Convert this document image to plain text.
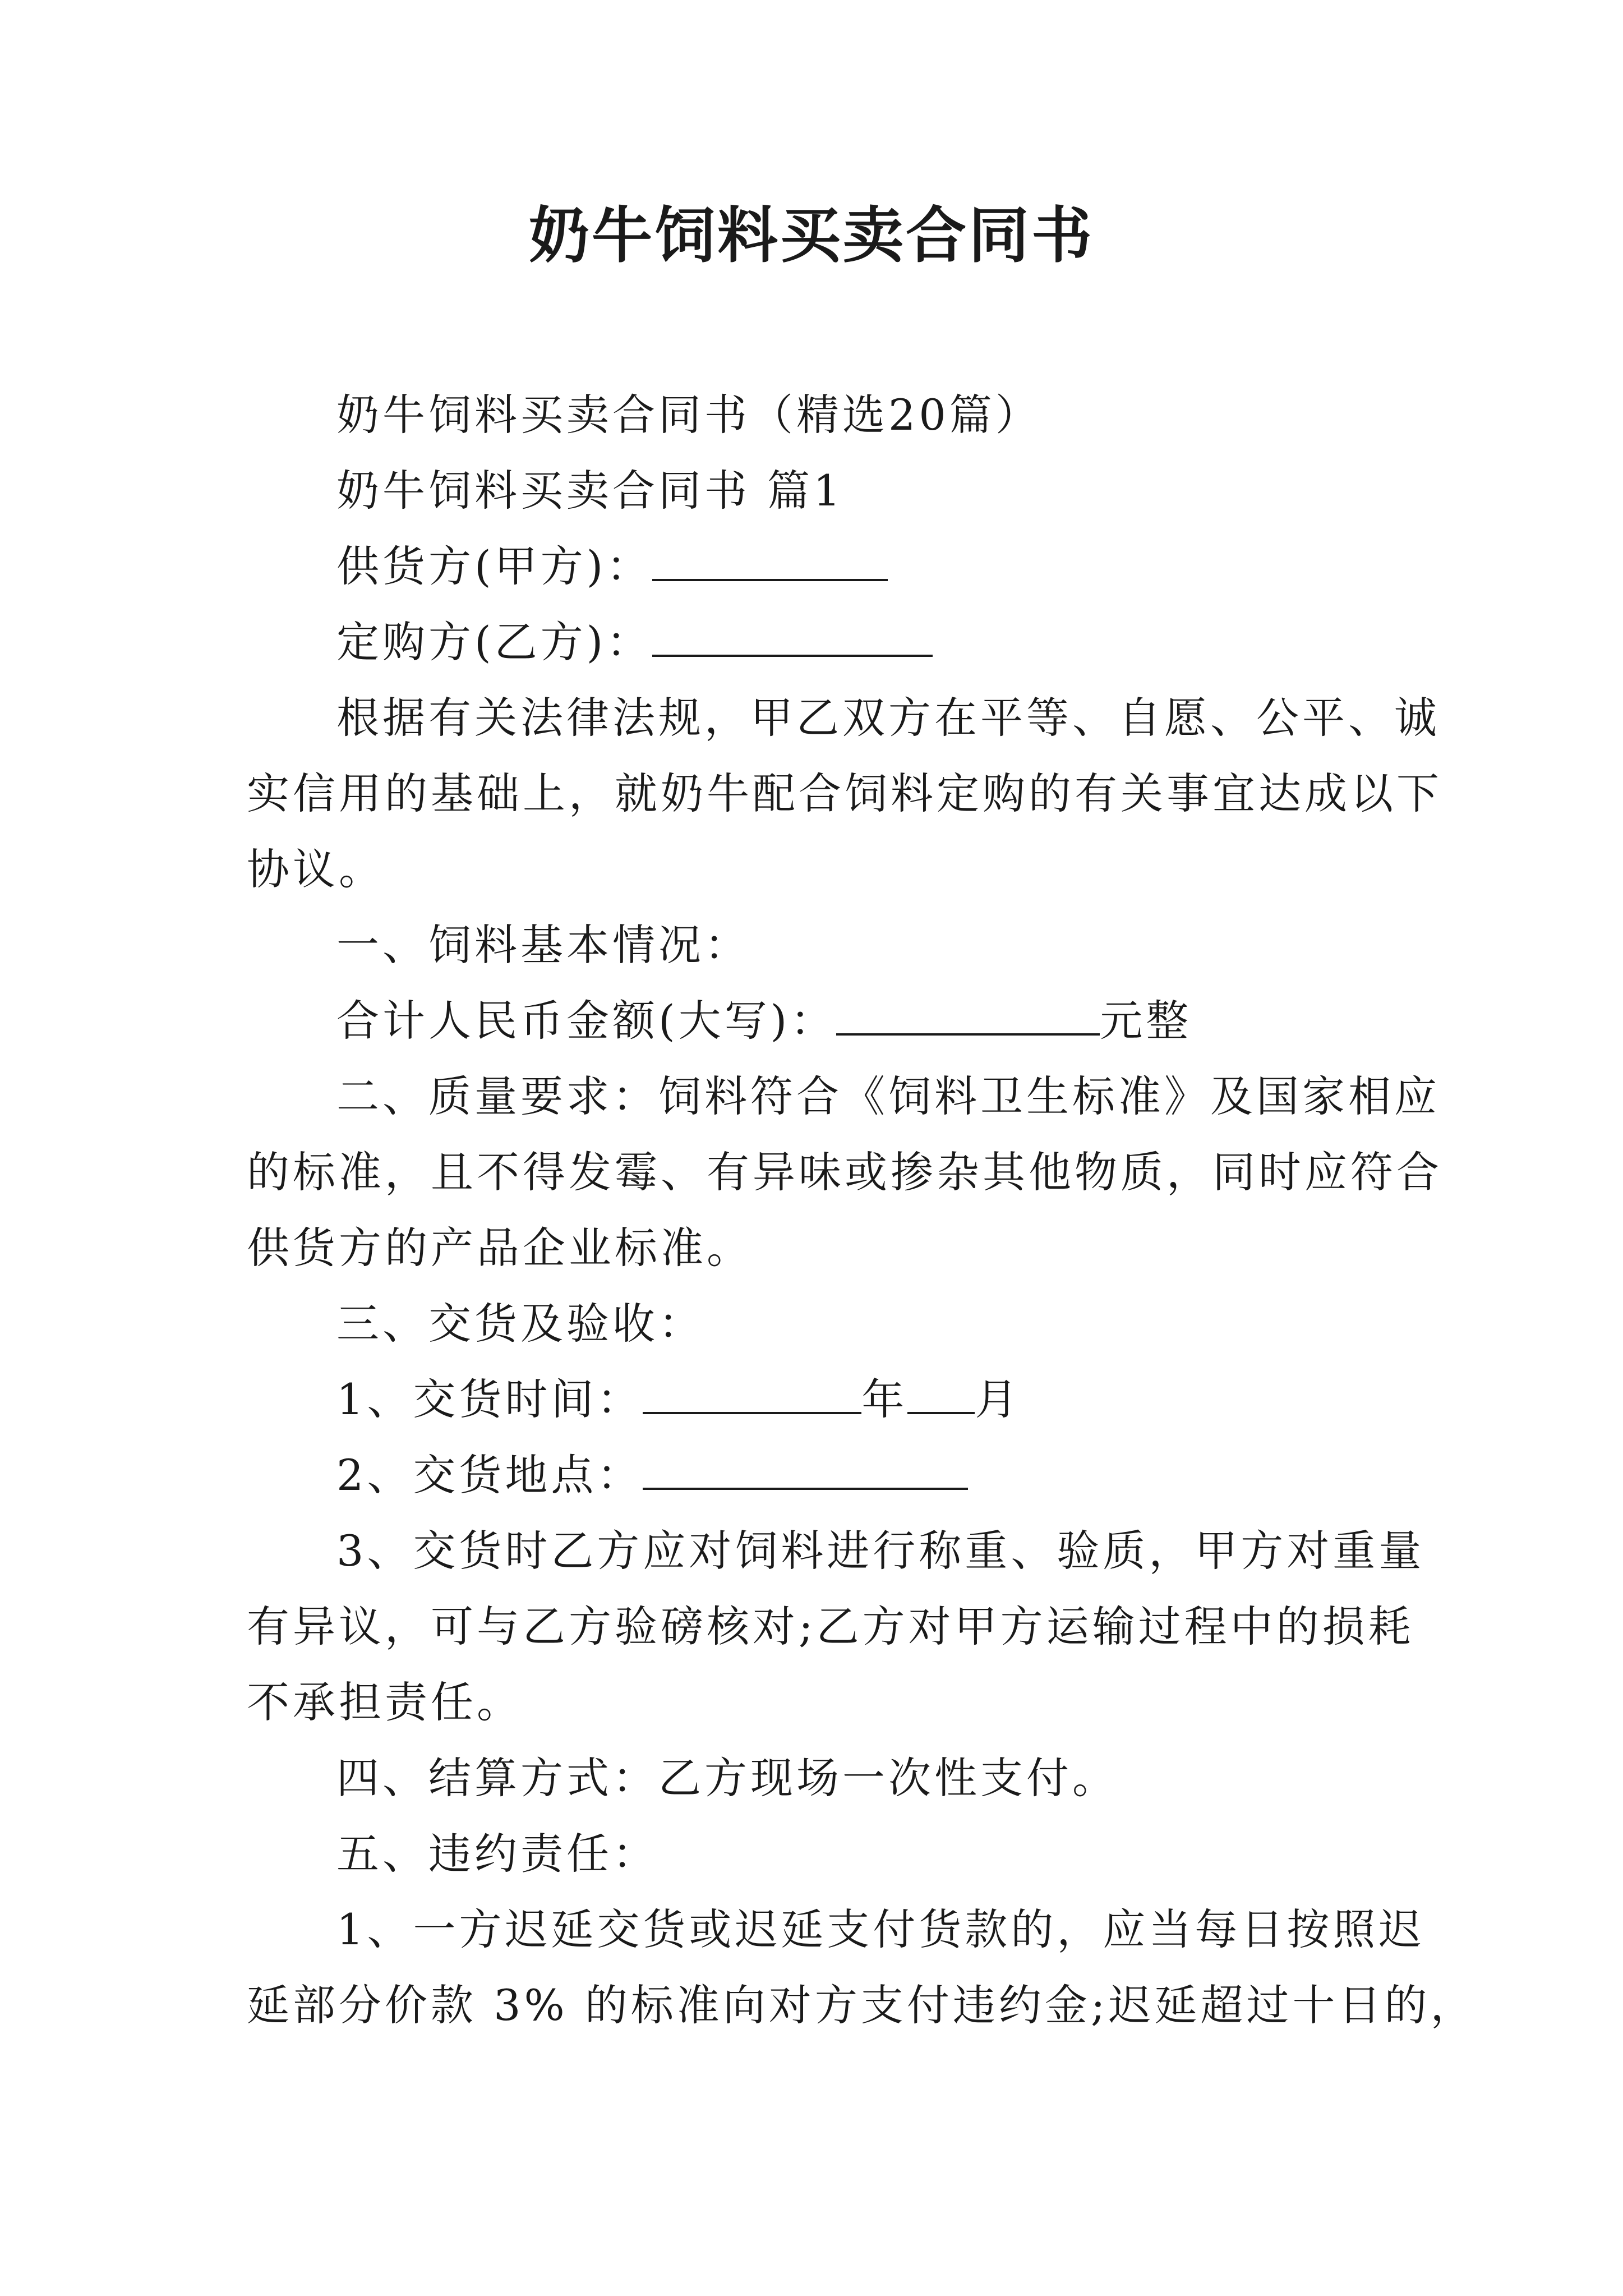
奶牛饲料买卖合同书
奶牛饲料买卖合同书（精选20篇）
奶牛饲料买卖合同书 篇1
供货方(甲方)：
定购方(乙方)：
根据有关法律法规，甲乙双方在平等、自愿、公平、诚
实信用的基础上，就奶牛配合饲料定购的有关事宜达成以下
协议。
一、饲料基本情况：
合计人民币金额(大写)：	元整
二、质量要求：饲料符合《饲料卫生标准》及国家相应
的标准，且不得发霉、有异味或掺杂其他物质，同时应符合
供货方的产品企业标准。
三、交货及验收：
1、交货时间：	年 月
2、交货地点：
3、交货时乙方应对饲料进行称重、验质，甲方对重量
有异议，可与乙方验磅核对;乙方对甲方运输过程中的损耗
不承担责任。
四、结算方式：乙方现场一次性支付。
五、违约责任：
1、一方迟延交货或迟延支付货款的，应当每日按照迟
延部分价款 3% 的标准向对方支付违约金;迟延超过十日的，
